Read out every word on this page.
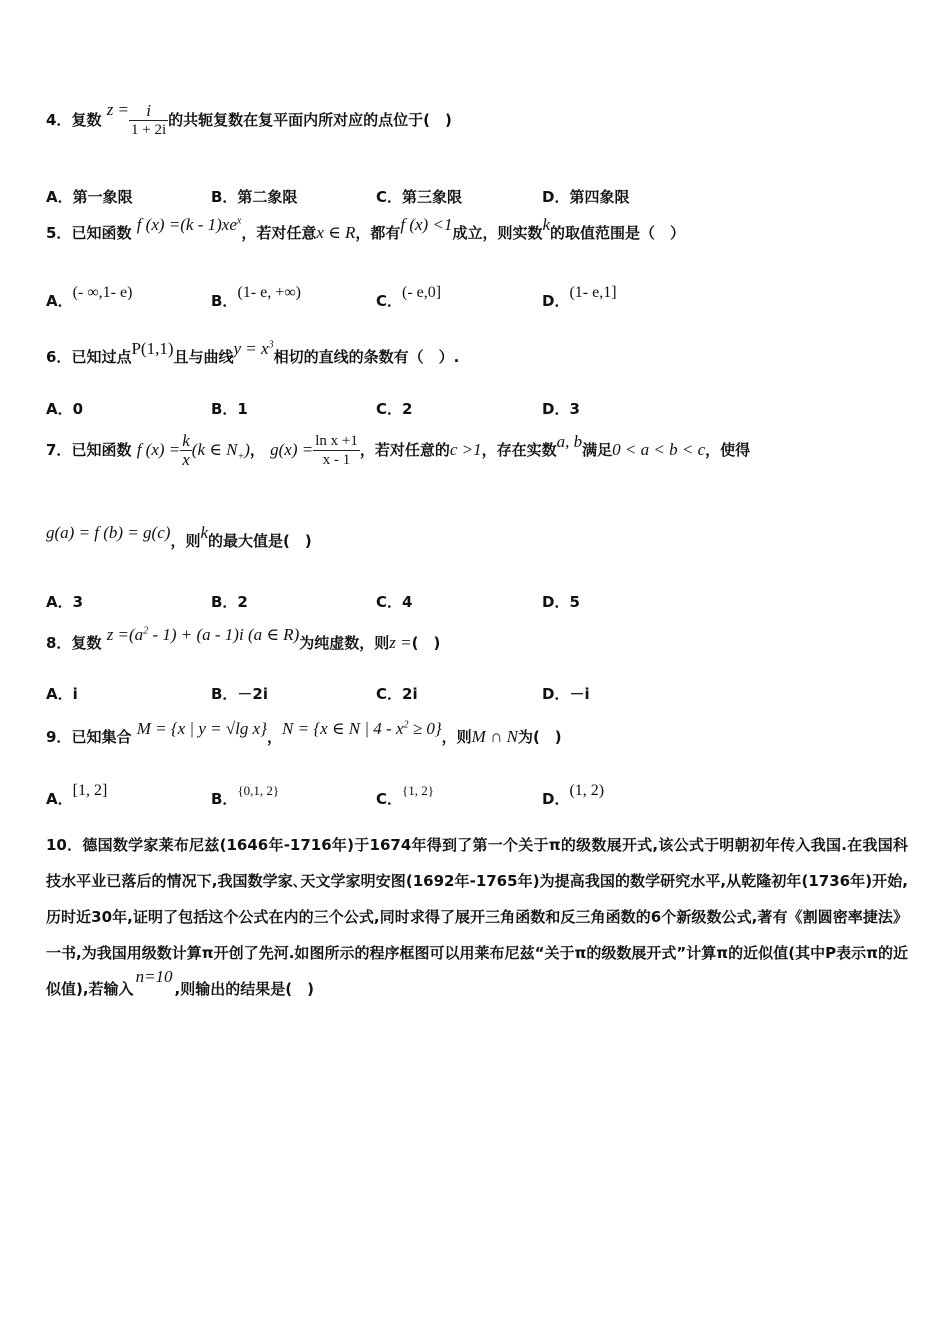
4．复数 $z = \frac{i}{1 + 2i}$ 的共轭复数在复平面内所对应的点位于(　)
A．第一象限	B．第二象限	C．第三象限	D．第四象限
5．已知函数 f $(x) =(k - 1)xe^x$，若对任意x ∈ R，都有f (x) <1成立，则实数k的取值范围是（　）
A．(- ∞,1- e)	B．(1- e, +∞)	C．(- e,0]	D．(1- e,1]
6．已知过点P(1,1)且与曲线$y = x^3$相切的直线的条数有（　）.
A．0	B．1	C．2	D．3
7．已知函数 f $(x) = \frac{k}{x} (k$ ∈ $N_+$)， $g(x) = \frac{\text{ln x +1}}{x - 1}$ ，若对任意的c >1，存在实数a, b满足0 < a < b < c，使得
g(a) = f (b) = g(c)，则k的最大值是(　)
A．3	B．2	C．4	D．5
8．复数 $z =(a^2 - 1) + (a - 1)i$ (a ∈ R)为纯虚数，则z =(　)
A．i	B．－2i	C．2i	D．－i
9．已知集合 M = {x | y = √lg x}，N = {x ∈ N | $4 - x^2 \ge 0$}，则M ∩ N为(　)
A．[1, 2]	B．{0,1, 2}	C．{1, 2}	D．(1, 2)
10．德国数学家莱布尼兹(1646年-1716年)于1674年得到了第一个关于π的级数展开式,该公式于明朝初年传入我国.在我国科技水平业已落后的情况下,我国数学家､天文学家明安图(1692年-1765年)为提高我国的数学研究水平,从乾隆初年(1736年)开始,历时近30年,证明了包括这个公式在内的三个公式,同时求得了展开三角函数和反三角函数的6个新级数公式,著有《割圆密率捷法》一书,为我国用级数计算π开创了先河.如图所示的程序框图可以用莱布尼兹“关于π的级数展开式”计算π的近似值(其中P表示π的近似值),若输入n=10,则输出的结果是(　)
